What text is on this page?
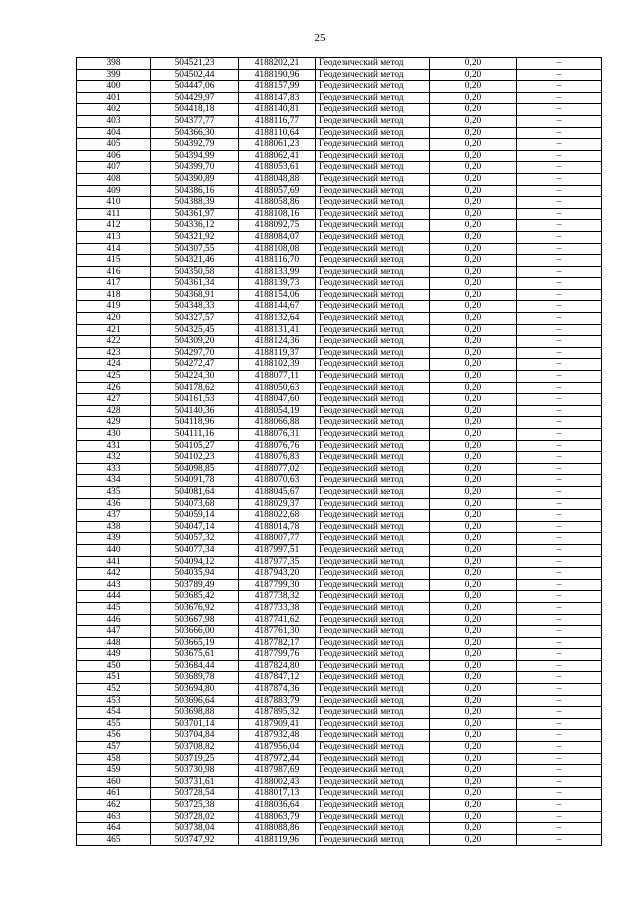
25
398	504521,23	4188202,21	Геодезический метод	0,20	–
399	504502,44	4188190,96	Геодезический метод	0,20	–
400	504447,06	4188157,99	Геодезический метод	0,20	–
401	504429,97	4188147,83	Геодезический метод	0,20	–
402	504418,18	4188140,81	Геодезический метод	0,20	–
403	504377,77	4188116,77	Геодезический метод	0,20	–
404	504366,30	4188110,64	Геодезический метод	0,20	–
405	504392,79	4188061,23	Геодезический метод	0,20	–
406	504394,99	4188062,41	Геодезический метод	0,20	–
407	504399,70	4188053,61	Геодезический метод	0,20	–
408	504390,89	4188048,88	Геодезический метод	0,20	–
409	504386,16	4188057,69	Геодезический метод	0,20	–
410	504388,39	4188058,86	Геодезический метод	0,20	–
411	504361,97	4188108,16	Геодезический метод	0,20	–
412	504336,12	4188092,75	Геодезический метод	0,20	–
413	504321,92	4188084,07	Геодезический метод	0,20	–
414	504307,55	4188108,08	Геодезический метод	0,20	–
415	504321,46	4188116,70	Геодезический метод	0,20	–
416	504350,58	4188133,99	Геодезический метод	0,20	–
417	504361,34	4188139,73	Геодезический метод	0,20	–
418	504368,91	4188154,06	Геодезический метод	0,20	–
419	504348,33	4188144,67	Геодезический метод	0,20	–
420	504327,57	4188132,64	Геодезический метод	0,20	–
421	504325,45	4188131,41	Геодезический метод	0,20	–
422	504309,20	4188124,36	Геодезический метод	0,20	–
423	504297,70	4188119,37	Геодезический метод	0,20	–
424	504272,47	4188102,39	Геодезический метод	0,20	–
425	504224,30	4188077,11	Геодезический метод	0,20	–
426	504178,62	4188050,63	Геодезический метод	0,20	–
427	504161,53	4188047,60	Геодезический метод	0,20	–
428	504140,36	4188054,19	Геодезический метод	0,20	–
429	504118,96	4188066,88	Геодезический метод	0,20	–
430	504111,16	4188076,31	Геодезический метод	0,20	–
431	504105,27	4188076,76	Геодезический метод	0,20	–
432	504102,23	4188076,83	Геодезический метод	0,20	–
433	504098,85	4188077,02	Геодезический метод	0,20	–
434	504091,78	4188070,63	Геодезический метод	0,20	–
435	504081,64	4188045,67	Геодезический метод	0,20	–
436	504073,68	4188029,37	Геодезический метод	0,20	–
437	504059,14	4188022,68	Геодезический метод	0,20	–
438	504047,14	4188014,78	Геодезический метод	0,20	–
439	504057,32	4188007,77	Геодезический метод	0,20	–
440	504077,34	4187997,51	Геодезический метод	0,20	–
441	504094,12	4187977,35	Геодезический метод	0,20	–
442	504035,94	4187943,20	Геодезический метод	0,20	–
443	503789,49	4187799,30	Геодезический метод	0,20	–
444	503685,42	4187738,32	Геодезический метод	0,20	–
445	503676,92	4187733,38	Геодезический метод	0,20	–
446	503667,98	4187741,62	Геодезический метод	0,20	–
447	503666,00	4187761,30	Геодезический метод	0,20	–
448	503665,19	4187782,17	Геодезический метод	0,20	–
449	503675,61	4187799,76	Геодезический метод	0,20	–
450	503684,44	4187824,80	Геодезический метод	0,20	–
451	503689,78	4187847,12	Геодезический метод	0,20	–
452	503694,80	4187874,36	Геодезический метод	0,20	–
453	503696,64	4187883,79	Геодезический метод	0,20	–
454	503698,88	4187895,32	Геодезический метод	0,20	–
455	503701,14	4187909,41	Геодезический метод	0,20	–
456	503704,84	4187932,48	Геодезический метод	0,20	–
457	503708,82	4187956,04	Геодезический метод	0,20	–
458	503719,25	4187972,44	Геодезический метод	0,20	–
459	503730,98	4187987,69	Геодезический метод	0,20	–
460	503731,61	4188002,43	Геодезический метод	0,20	–
461	503728,54	4188017,13	Геодезический метод	0,20	–
462	503725,38	4188036,64	Геодезический метод	0,20	–
463	503728,02	4188063,79	Геодезический метод	0,20	–
464	503738,04	4188088,86	Геодезический метод	0,20	–
465	503747,92	4188119,96	Геодезический метод	0,20	–
